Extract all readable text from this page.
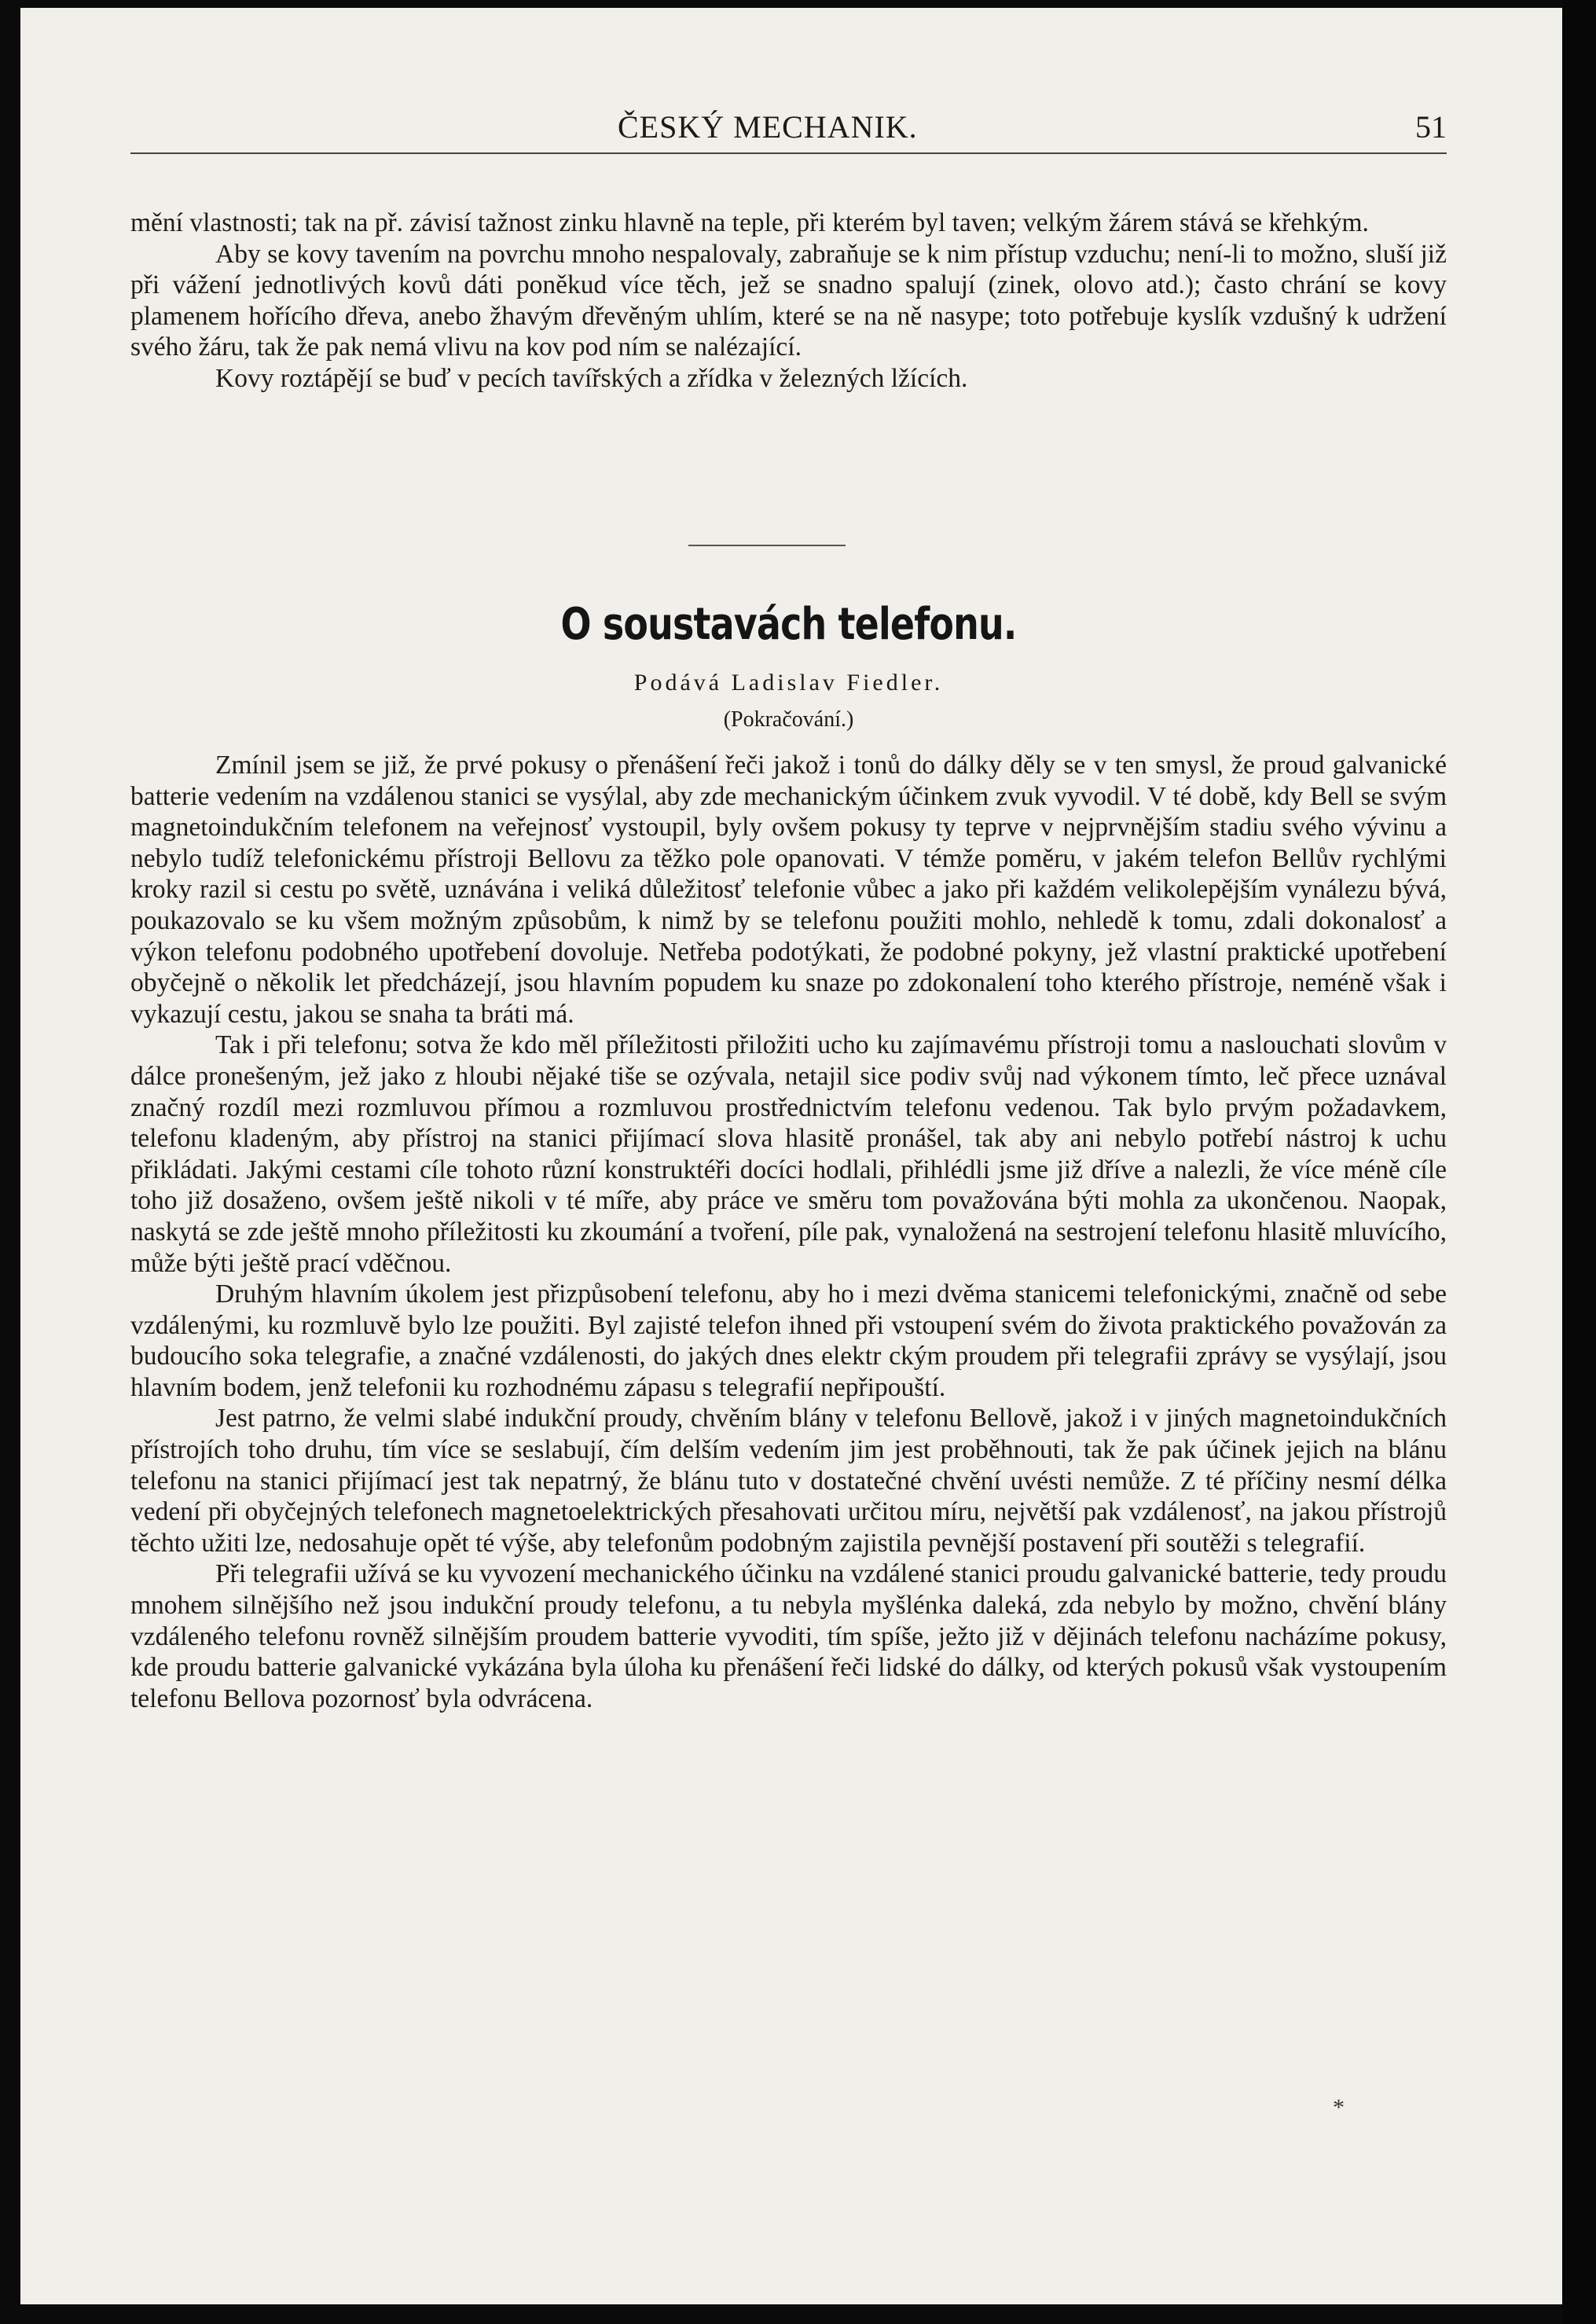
ČESKÝ MECHANIK.	51

mění vlastnosti; tak na př. závisí tažnost zinku hlavně na teple, při kterém byl taven; velkým žárem stává se křehkým.

Aby se kovy tavením na povrchu mnoho nespalovaly, zabraňuje se k nim přístup vzduchu; není-li to možno, sluší již při vážení jednotlivých kovů dáti poněkud více těch, jež se snadno spalují (zinek, olovo atd.); často chrání se kovy plamenem hořícího dřeva, anebo žhavým dřevěným uhlím, které se na ně nasype; toto potřebuje kyslík vzdušný k udržení svého žáru, tak že pak nemá vlivu na kov pod ním se nalézající.

Kovy roztápějí se buď v pecích tavířských a zřídka v železných lžících.

O soustavách telefonu.
Podává Ladislav Fiedler.
(Pokračování.)

Zmínil jsem se již, že prvé pokusy o přenášení řeči jakož i tonů do dálky děly se v ten smysl, že proud galvanické batterie vedením na vzdálenou stanici se vysýlal, aby zde mechanickým účinkem zvuk vyvodil. V té době, kdy Bell se svým magnetoindukčním telefonem na veřejnosť vystoupil, byly ovšem pokusy ty teprve v nejprvnějším stadiu svého vývinu a nebylo tudíž telefonickému přístroji Bellovu za těžko pole opanovati. V témže poměru, v jakém telefon Bellův rychlými kroky razil si cestu po světě, uznávána i veliká důležitosť telefonie vůbec a jako při každém velikolepějším vynálezu bývá, poukazovalo se ku všem možným způsobům, k nimž by se telefonu použiti mohlo, nehledě k tomu, zdali dokonalosť a výkon telefonu podobného upotřebení dovoluje. Netřeba podotýkati, že podobné pokyny, jež vlastní praktické upotřebení obyčejně o několik let předcházejí, jsou hlavním popudem ku snaze po zdokonalení toho kterého přístroje, neméně však i vykazují cestu, jakou se snaha ta bráti má.

Tak i při telefonu; sotva že kdo měl příležitosti přiložiti ucho ku zajímavému přístroji tomu a naslouchati slovům v dálce pronešeným, jež jako z hloubi nějaké tiše se ozývala, netajil sice podiv svůj nad výkonem tímto, leč přece uznával značný rozdíl mezi rozmluvou přímou a rozmluvou prostřednictvím telefonu vedenou. Tak bylo prvým požadavkem, telefonu kladeným, aby přístroj na stanici přijímací slova hlasitě pronášel, tak aby ani nebylo potřebí nástroj k uchu přikládati. Jakými cestami cíle tohoto různí konstruktéři docíci hodlali, přihlédli jsme již dříve a nalezli, že více méně cíle toho již dosaženo, ovšem ještě nikoli v té míře, aby práce ve směru tom považována býti mohla za ukončenou. Naopak, naskytá se zde ještě mnoho příležitosti ku zkoumání a tvoření, píle pak, vynaložená na sestrojení telefonu hlasitě mluvícího, může býti ještě prací vděčnou.

Druhým hlavním úkolem jest přizpůsobení telefonu, aby ho i mezi dvěma stanicemi telefonickými, značně od sebe vzdálenými, ku rozmluvě bylo lze použiti. Byl zajisté telefon ihned při vstoupení svém do života praktického považován za budoucího soka telegrafie, a značné vzdálenosti, do jakých dnes elektr ckým proudem při telegrafii zprávy se vysýlají, jsou hlavním bodem, jenž telefonii ku rozhodnému zápasu s telegrafií nepřipouští.

Jest patrno, že velmi slabé indukční proudy, chvěním blány v telefonu Bellově, jakož i v jiných magnetoindukčních přístrojích toho druhu, tím více se seslabují, čím delším vedením jim jest proběhnouti, tak že pak účinek jejich na blánu telefonu na stanici přijímací jest tak nepatrný, že blánu tuto v dostatečné chvění uvésti nemůže. Z té příčiny nesmí délka vedení při obyčejných telefonech magnetoelektrických přesahovati určitou míru, největší pak vzdálenosť, na jakou přístrojů těchto užiti lze, nedosahuje opět té výše, aby telefonům podobným zajistila pevnější postavení při soutěži s telegrafií.

Při telegrafii užívá se ku vyvození mechanického účinku na vzdálené stanici proudu galvanické batterie, tedy proudu mnohem silnějšího než jsou indukční proudy telefonu, a tu nebyla myšlénka daleká, zda nebylo by možno, chvění blány vzdáleného telefonu rovněž silnějším proudem batterie vyvoditi, tím spíše, ježto již v dějinách telefonu nacházíme pokusy, kde proudu batterie galvanické vykázána byla úloha ku přenášení řeči lidské do dálky, od kterých pokusů však vystoupením telefonu Bellova pozornosť byla odvrácena.

*
